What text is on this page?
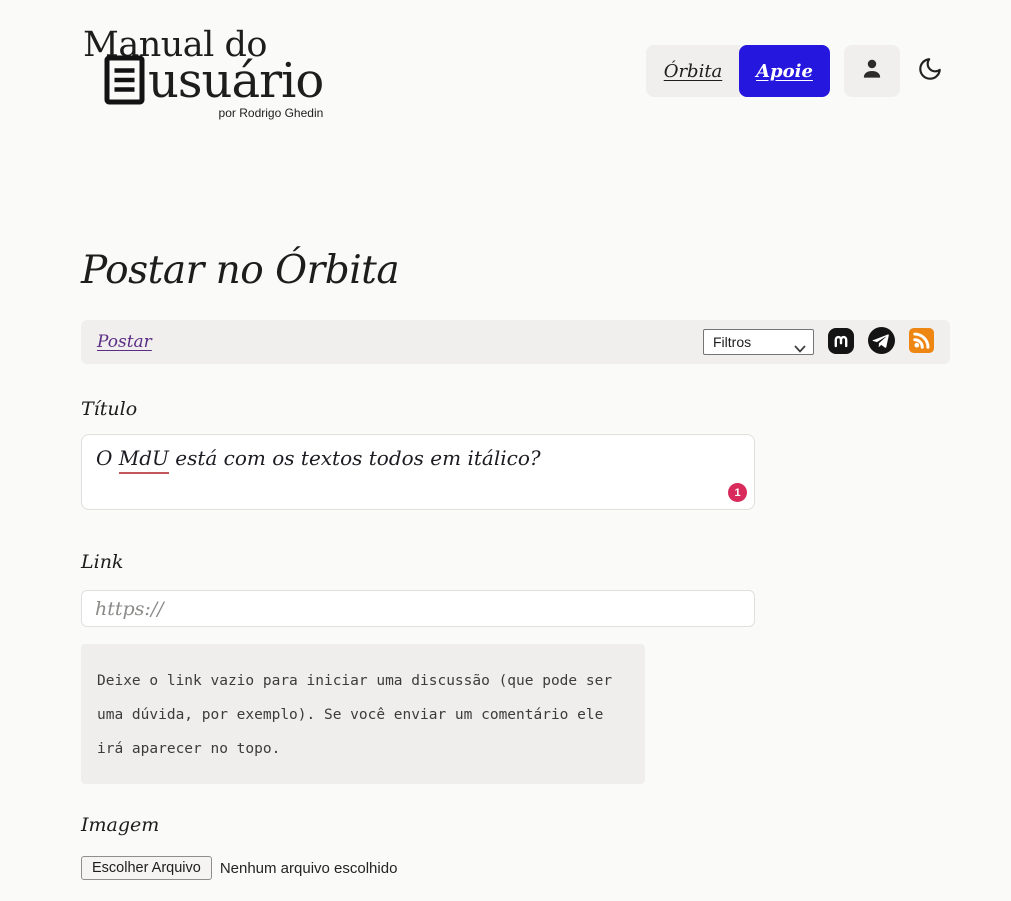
Manual do
usuário
por Rodrigo Ghedin
Órbita	Apoie
Postar no Órbita
Postar
Filtros
Título
O MdU está com os textos todos em itálico?
1
Link
https://
Deixe o link vazio para iniciar uma discussão (que pode ser uma dúvida, por exemplo). Se você enviar um comentário ele irá aparecer no topo.
Imagem
Escolher Arquivo	Nenhum arquivo escolhido
